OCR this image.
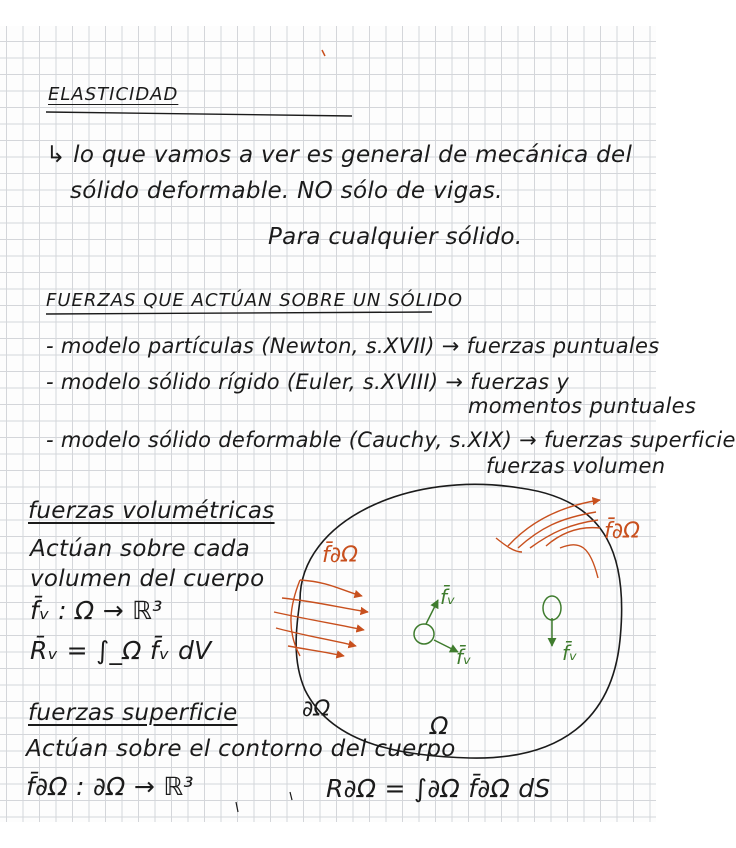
ELASTICIDAD
↳ lo que vamos a ver es general de mecánica del
sólido deformable. NO sólo de vigas.
Para cualquier sólido.
FUERZAS QUE ACTÚAN SOBRE UN SÓLIDO
- modelo partículas (Newton, s.XVII) → fuerzas puntuales
- modelo sólido rígido (Euler, s.XVIII) → fuerzas y
momentos puntuales
- modelo sólido deformable (Cauchy, s.XIX) → fuerzas superficie
fuerzas volumen
fuerzas volumétricas
Actúan sobre cada
volumen del cuerpo
f̄ᵥ : Ω → ℝ³
R̄ᵥ = ∫_Ω f̄ᵥ dV
fuerzas superficie
Actúan sobre el contorno del cuerpo
f̄∂Ω : ∂Ω → ℝ³	R∂Ω = ∫∂Ω f̄∂Ω dS
f̄∂Ω
f̄∂Ω
f̄ᵥ
f̄ᵥ	f̄ᵥ
∂Ω
Ω
